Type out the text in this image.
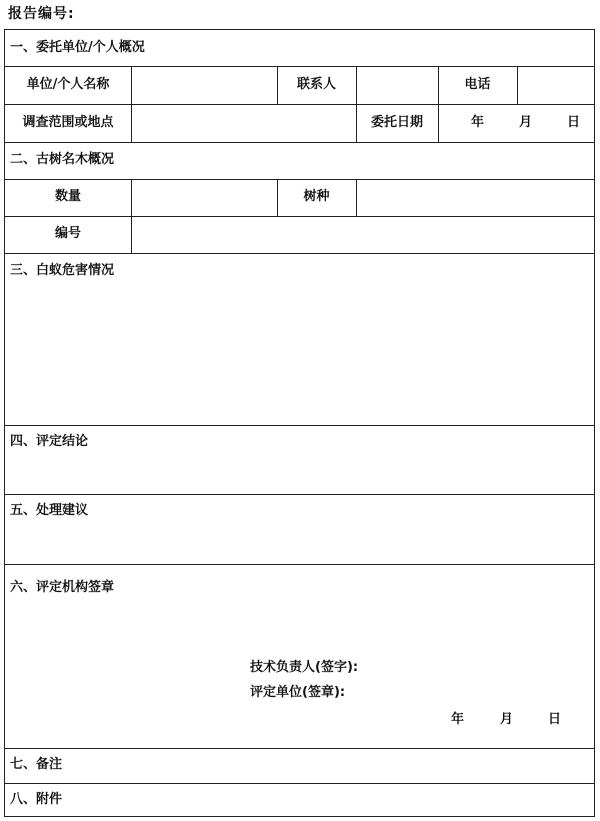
报告编号:
一、委托单位/个人概况
单位/个人名称	联系人	电话
调查范围或地点	委托日期	年	月	日
二、古树名木概况
数量	树种
编号
三、白蚁危害情况
四、评定结论
五、处理建议
六、评定机构签章
技术负责人(签字):
评定单位(签章):
年	月	日
七、备注
八、附件
